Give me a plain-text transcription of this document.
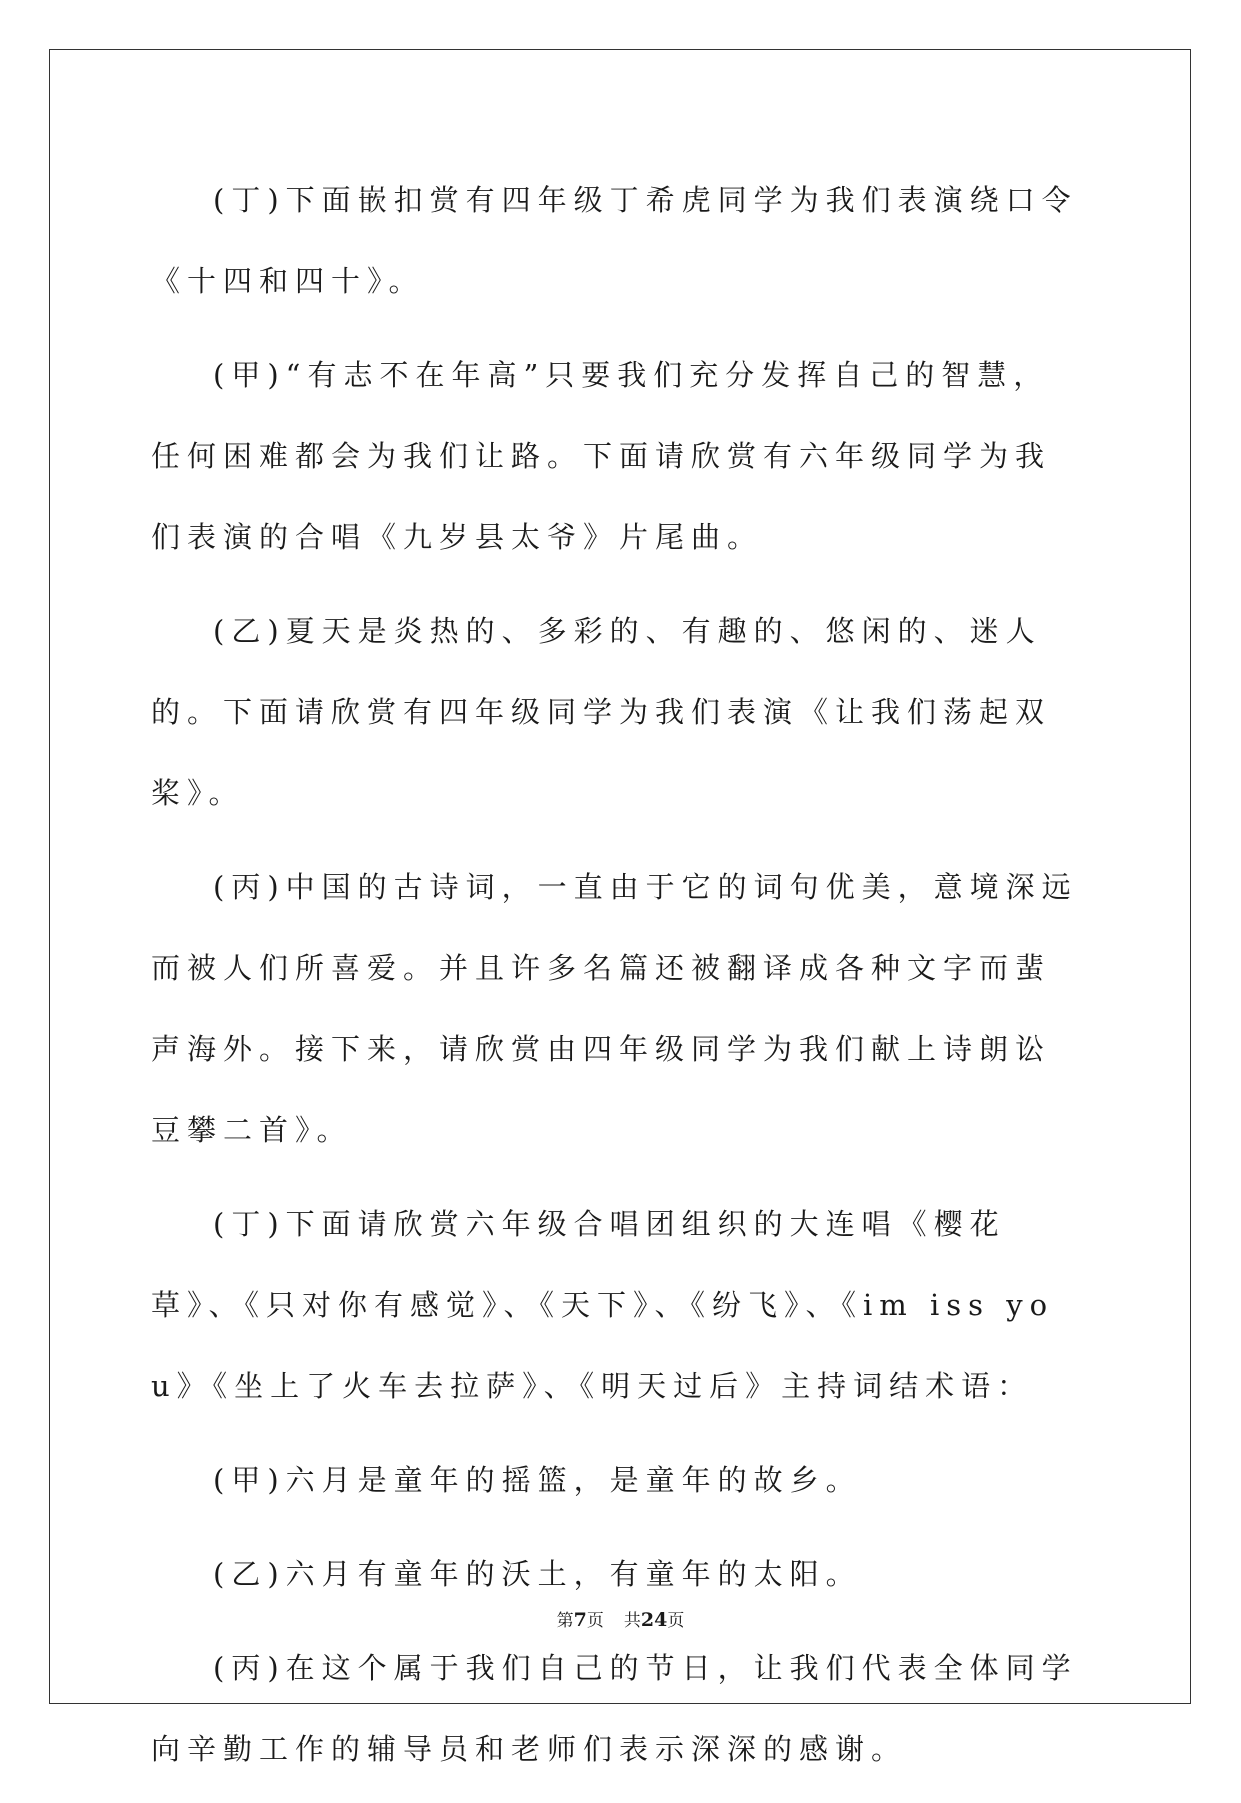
(丁)下面嵌扣赏有四年级丁希虎同学为我们表演绕口令《十四和四十》。

(甲)“有志不在年高”只要我们充分发挥自己的智慧，任何困难都会为我们让路。下面请欣赏有六年级同学为我们表演的合唱《九岁县太爷》片尾曲。

(乙)夏天是炎热的、多彩的、有趣的、悠闲的、迷人的。下面请欣赏有四年级同学为我们表演《让我们荡起双桨》。

(丙)中国的古诗词，一直由于它的词句优美，意境深远而被人们所喜爱。并且许多名篇还被翻译成各种文字而蜚声海外。接下来，请欣赏由四年级同学为我们献上诗朗讼豆攀二首》。

(丁)下面请欣赏六年级合唱团组织的大连唱《樱花草》、《只对你有感觉》、《天下》、《纷飞》、《im iss you》《坐上了火车去拉萨》、《明天过后》主持词结术语：

(甲)六月是童年的摇篮，是童年的故乡。

(乙)六月有童年的沃土，有童年的太阳。

(丙)在这个属于我们自己的节日，让我们代表全体同学向辛勤工作的辅导员和老师们表示深深的感谢。

第7页 共24页
